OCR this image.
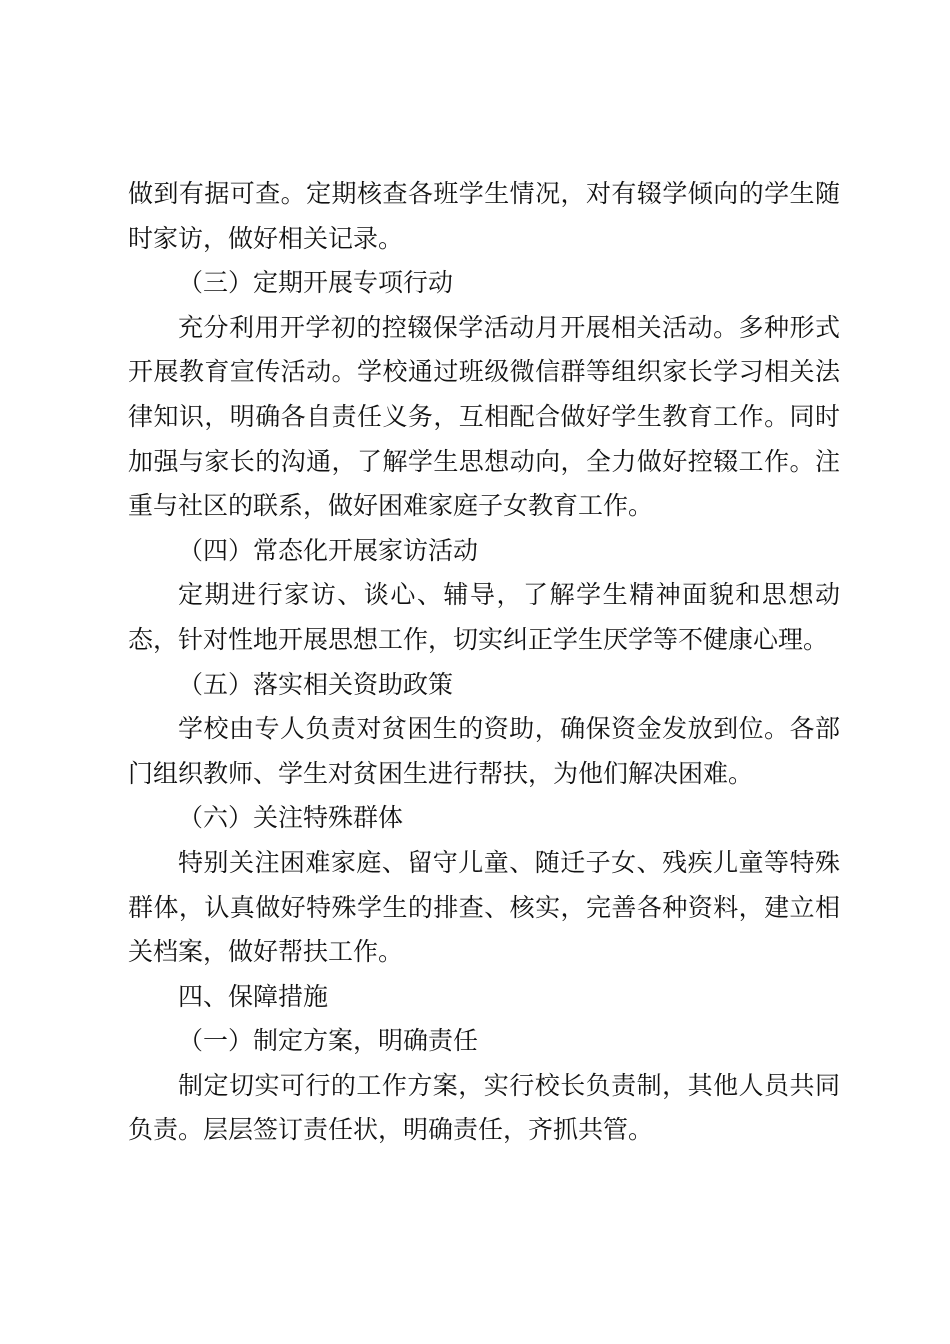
做到有据可查。定期核查各班学生情况，对有辍学倾向的学生随时家访，做好相关记录。

（三）定期开展专项行动

充分利用开学初的控辍保学活动月开展相关活动。多种形式开展教育宣传活动。学校通过班级微信群等组织家长学习相关法律知识，明确各自责任义务，互相配合做好学生教育工作。同时加强与家长的沟通，了解学生思想动向，全力做好控辍工作。注重与社区的联系，做好困难家庭子女教育工作。

（四）常态化开展家访活动

定期进行家访、谈心、辅导，了解学生精神面貌和思想动态，针对性地开展思想工作，切实纠正学生厌学等不健康心理。

（五）落实相关资助政策

学校由专人负责对贫困生的资助，确保资金发放到位。各部门组织教师、学生对贫困生进行帮扶，为他们解决困难。

（六）关注特殊群体

特别关注困难家庭、留守儿童、随迁子女、残疾儿童等特殊群体，认真做好特殊学生的排查、核实，完善各种资料，建立相关档案，做好帮扶工作。

四、保障措施

（一）制定方案，明确责任

制定切实可行的工作方案，实行校长负责制，其他人员共同负责。层层签订责任状，明确责任，齐抓共管。
